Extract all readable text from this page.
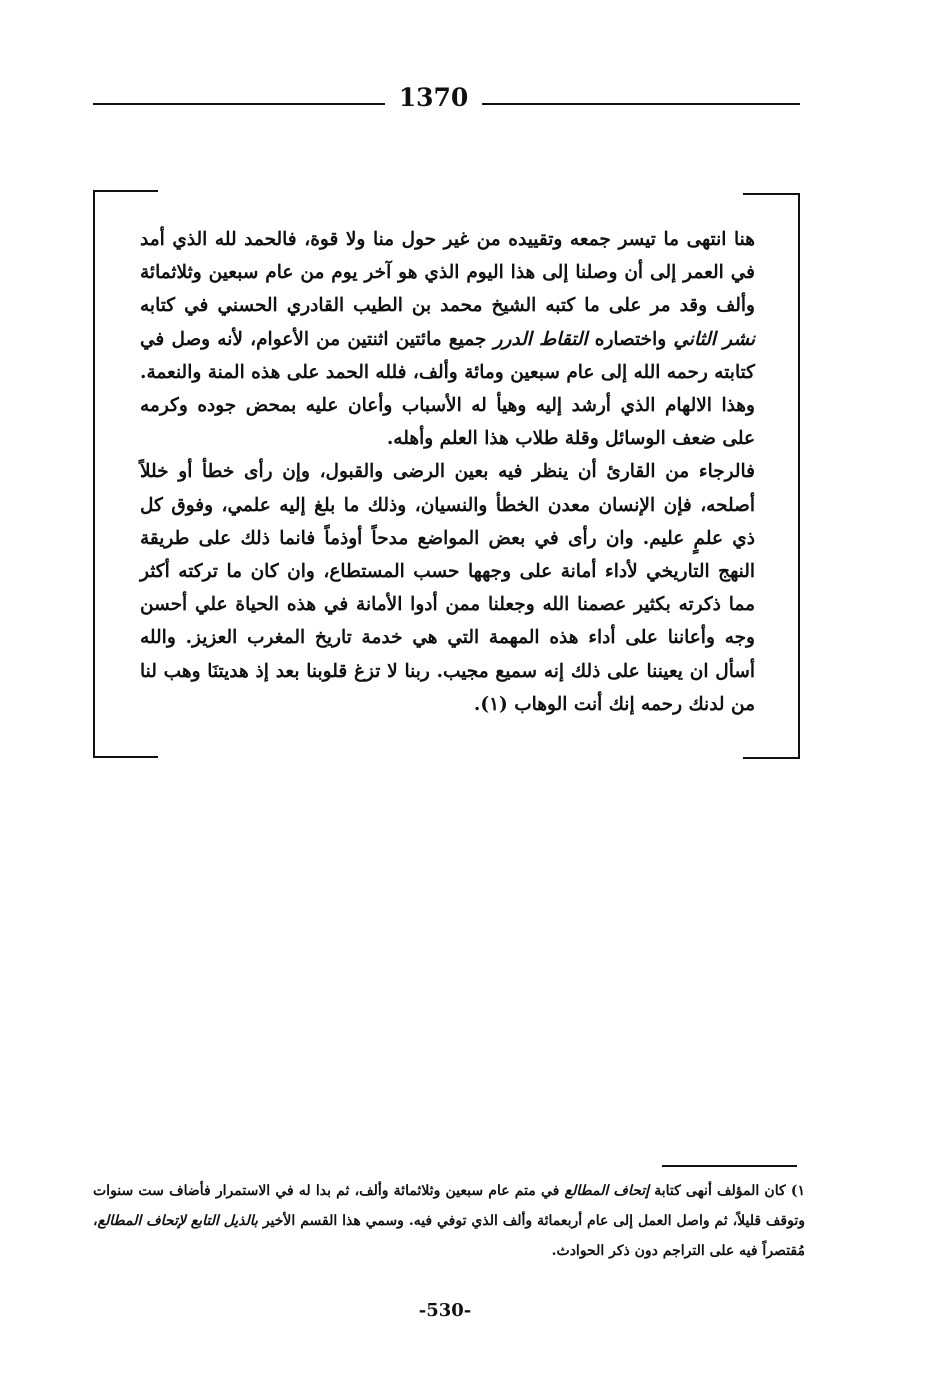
1370

هنا انتهى ما تيسر جمعه وتقييده من غير حول منا ولا قوة، فالحمد لله الذي أمد في العمر إلى أن وصلنا إلى هذا اليوم الذي هو آخر يوم من عام سبعين وثلاثمائة وألف وقد مر على ما كتبه الشيخ محمد بن الطيب القادري الحسني في كتابه نشر الثاني واختصاره التقاط الدرر جميع مائتين اثنتين من الأعوام، لأنه وصل في كتابته رحمه الله إلى عام سبعين ومائة وألف، فلله الحمد على هذه المنة والنعمة. وهذا الالهام الذي أرشد إليه وهيأ له الأسباب وأعان عليه بمحض جوده وكرمه على ضعف الوسائل وقلة طلاب هذا العلم وأهله.

فالرجاء من القارئ أن ينظر فيه بعين الرضى والقبول، وإن رأى خطأ أو خللاً أصلحه، فإن الإنسان معدن الخطأ والنسيان، وذلك ما بلغ إليه علمي، وفوق كل ذي علمٍ عليم. وان رأى في بعض المواضع مدحاً أوذماً فانما ذلك على طريقة النهج التاريخي لأداء أمانة على وجهها حسب المستطاع، وان كان ما تركته أكثر مما ذكرته بكثير عصمنا الله وجعلنا ممن أدوا الأمانة في هذه الحياة علي أحسن وجه وأعاننا على أداء هذه المهمة التي هي خدمة تاريخ المغرب العزيز. والله أسأل ان يعيننا على ذلك إنه سميع مجيب. ربنا لا تزغ قلوبنا بعد إذ هديتنَا وهب لنا من لدنك رحمه إنك أنت الوهاب (١).

١) كان المؤلف أنهى كتابة إتحاف المطالع في متم عام سبعين وثلاثمائة وألف، ثم بدا له في الاستمرار فأضاف ست سنوات وتوقف قليلاً، ثم واصل العمل إلى عام أربعمائة وألف الذي توفي فيه. وسمي هذا القسم الأخير بالذيل التابع لإتحاف المطالع، مُقتصراً فيه على التراجم دون ذكر الحوادث.
-530-
